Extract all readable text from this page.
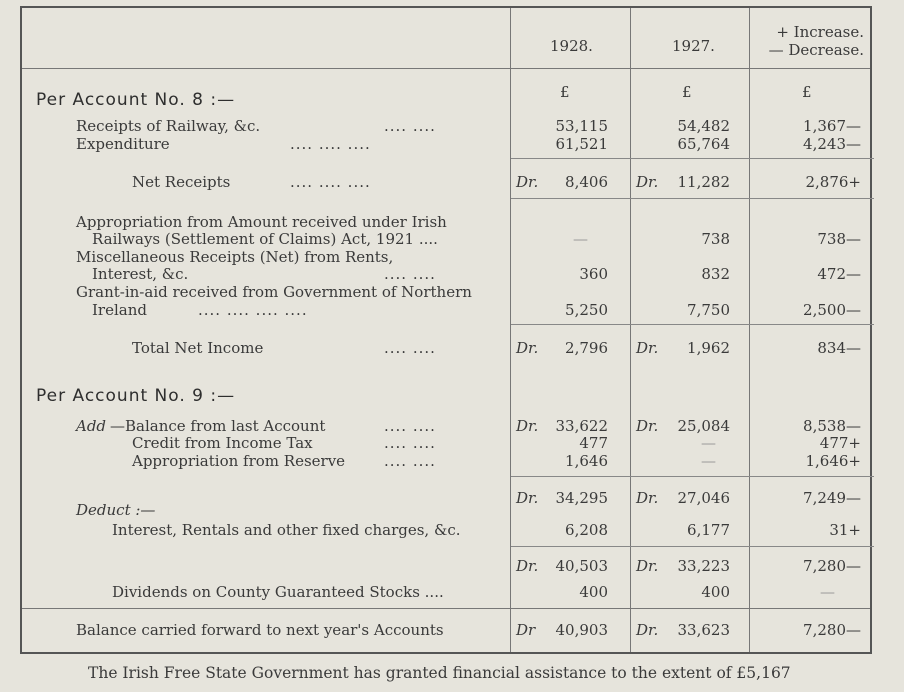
1928.	1927.
+ Increase.
— Decrease.
£	£	£
Per Account No. 8 :—
Receipts of Railway, &c.	.... ....	53,115	54,482	1,367—
Expenditure	.... .... ....	61,521	65,764	4,243—
Net Receipts	.... .... ....	Dr.	8,406 Dr.	11,282	2,876+
Appropriation from Amount received under Irish
Railways (Settlement of Claims) Act, 1921 ....	—	738	738—
Miscellaneous Receipts (Net) from Rents,
Interest, &c.	.... ....	360	832	472—
Grant-in-aid received from Government of Northern
Ireland	.... .... .... ....	5,250	7,750	2,500—
Total Net Income	.... ....	Dr.	2,796 Dr.	1,962	834—
Per Account No. 9 :—
Add —Balance from last Account	.... ....	Dr.	33,622 Dr.	25,084	8,538—
Credit from Income Tax	.... ....	477	—	477+
Appropriation from Reserve	.... ....	1,646	—	1,646+
Dr.	34,295 Dr.	27,046	7,249—
Deduct :—
Interest, Rentals and other fixed charges, &c.	6,208	6,177	31+
Dr.	40,503 Dr.	33,223	7,280—
Dividends on County Guaranteed Stocks ....	400	400	—
Balance carried forward to next year's Accounts	Dr	40,903 Dr.	33,623	7,280—
The Irish Free State Government has granted financial assistance to the extent of £5,167
